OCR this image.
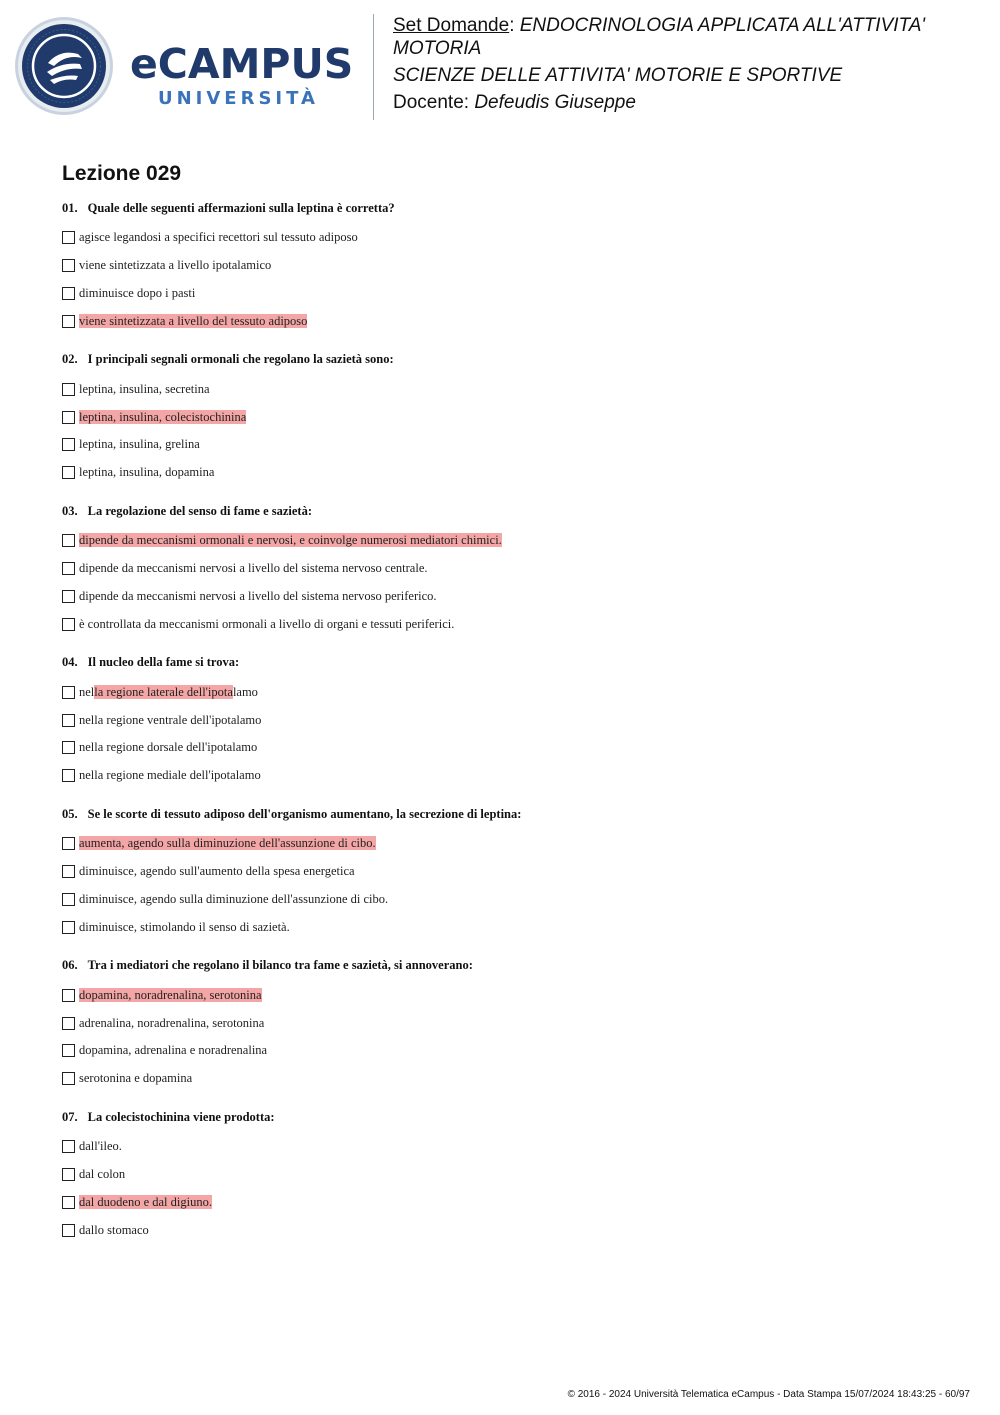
eCAMPUS
UNIVERSITÀ
Set Domande: ENDOCRINOLOGIA APPLICATA ALL'ATTIVITA'
MOTORIA
SCIENZE DELLE ATTIVITA' MOTORIE E SPORTIVE
Docente: Defeudis Giuseppe
Lezione 029
01. Quale delle seguenti affermazioni sulla leptina è corretta?
agisce legandosi a specifici recettori sul tessuto adiposo
viene sintetizzata a livello ipotalamico
diminuisce dopo i pasti
viene sintetizzata a livello del tessuto adiposo
02. I principali segnali ormonali che regolano la sazietà sono:
leptina, insulina, secretina
leptina, insulina, colecistochinina
leptina, insulina, grelina
leptina, insulina, dopamina
03. La regolazione del senso di fame e sazietà:
dipende da meccanismi ormonali e nervosi, e coinvolge numerosi mediatori chimici.
dipende da meccanismi nervosi a livello del sistema nervoso centrale.
dipende da meccanismi nervosi a livello del sistema nervoso periferico.
è controllata da meccanismi ormonali a livello di organi e tessuti periferici.
04. Il nucleo della fame si trova:
nella regione laterale dell'ipotalamo
nella regione ventrale dell'ipotalamo
nella regione dorsale dell'ipotalamo
nella regione mediale dell'ipotalamo
05. Se le scorte di tessuto adiposo dell'organismo aumentano, la secrezione di leptina:
aumenta, agendo sulla diminuzione dell'assunzione di cibo.
diminuisce, agendo sull'aumento della spesa energetica
diminuisce, agendo sulla diminuzione dell'assunzione di cibo.
diminuisce, stimolando il senso di sazietà.
06. Tra i mediatori che regolano il bilanco tra fame e sazietà, si annoverano:
dopamina, noradrenalina, serotonina
adrenalina, noradrenalina, serotonina
dopamina, adrenalina e noradrenalina
serotonina e dopamina
07. La colecistochinina viene prodotta:
dall'ileo.
dal colon
dal duodeno e dal digiuno.
dallo stomaco
© 2016 - 2024 Università Telematica eCampus - Data Stampa 15/07/2024 18:43:25 - 60/97
